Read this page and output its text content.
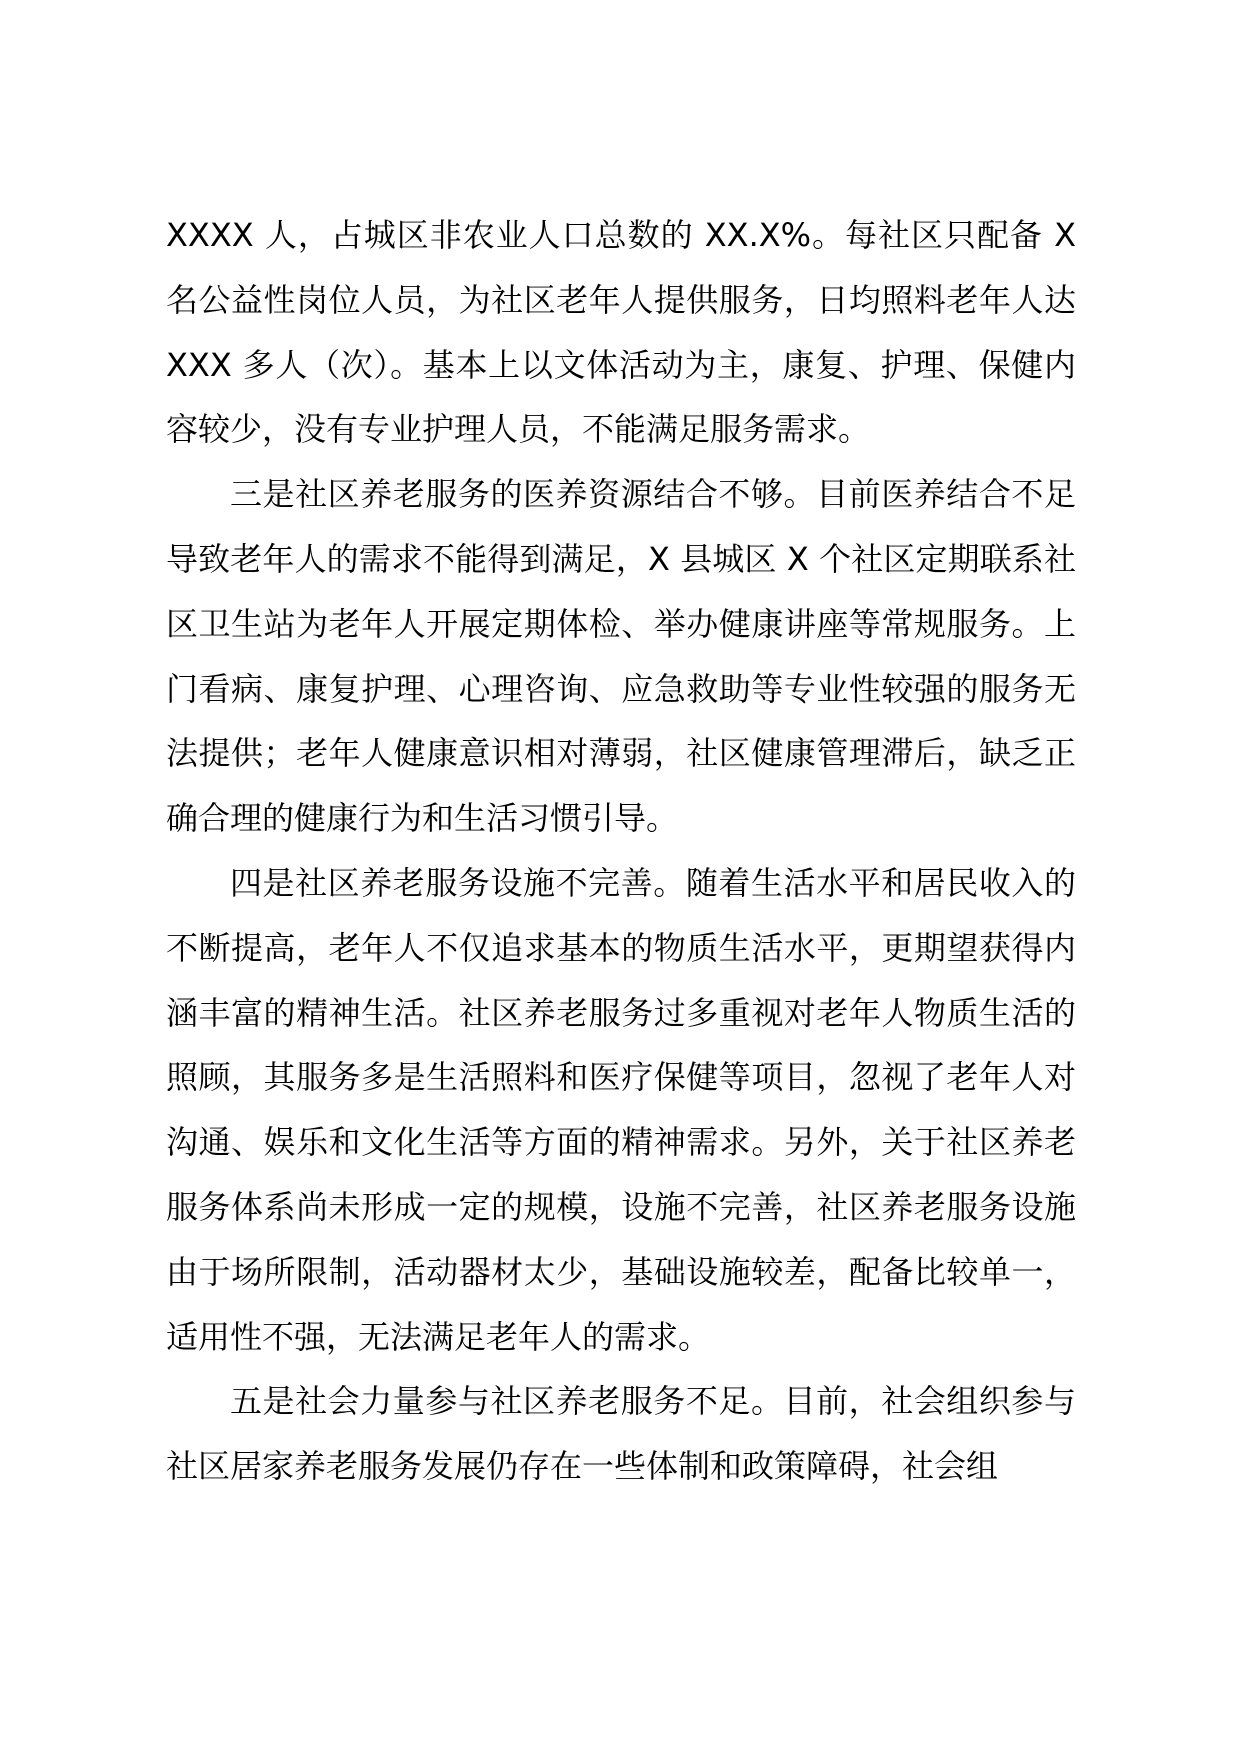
XXXX 人，占城区非农业人口总数的 XX.X%。每社区只配备 X 名公益性岗位人员，为社区老年人提供服务，日均照料老年人达 XXX 多人（次）。基本上以文体活动为主，康复、护理、保健内容较少，没有专业护理人员，不能满足服务需求。

三是社区养老服务的医养资源结合不够。目前医养结合不足导致老年人的需求不能得到满足，X 县城区 X 个社区定期联系社区卫生站为老年人开展定期体检、举办健康讲座等常规服务。上门看病、康复护理、心理咨询、应急救助等专业性较强的服务无法提供；老年人健康意识相对薄弱，社区健康管理滞后，缺乏正确合理的健康行为和生活习惯引导。

四是社区养老服务设施不完善。随着生活水平和居民收入的不断提高，老年人不仅追求基本的物质生活水平，更期望获得内涵丰富的精神生活。社区养老服务过多重视对老年人物质生活的照顾，其服务多是生活照料和医疗保健等项目，忽视了老年人对沟通、娱乐和文化生活等方面的精神需求。另外，关于社区养老服务体系尚未形成一定的规模，设施不完善，社区养老服务设施由于场所限制，活动器材太少，基础设施较差，配备比较单一，适用性不强，无法满足老年人的需求。

五是社会力量参与社区养老服务不足。目前，社会组织参与社区居家养老服务发展仍存在一些体制和政策障碍，社会组
